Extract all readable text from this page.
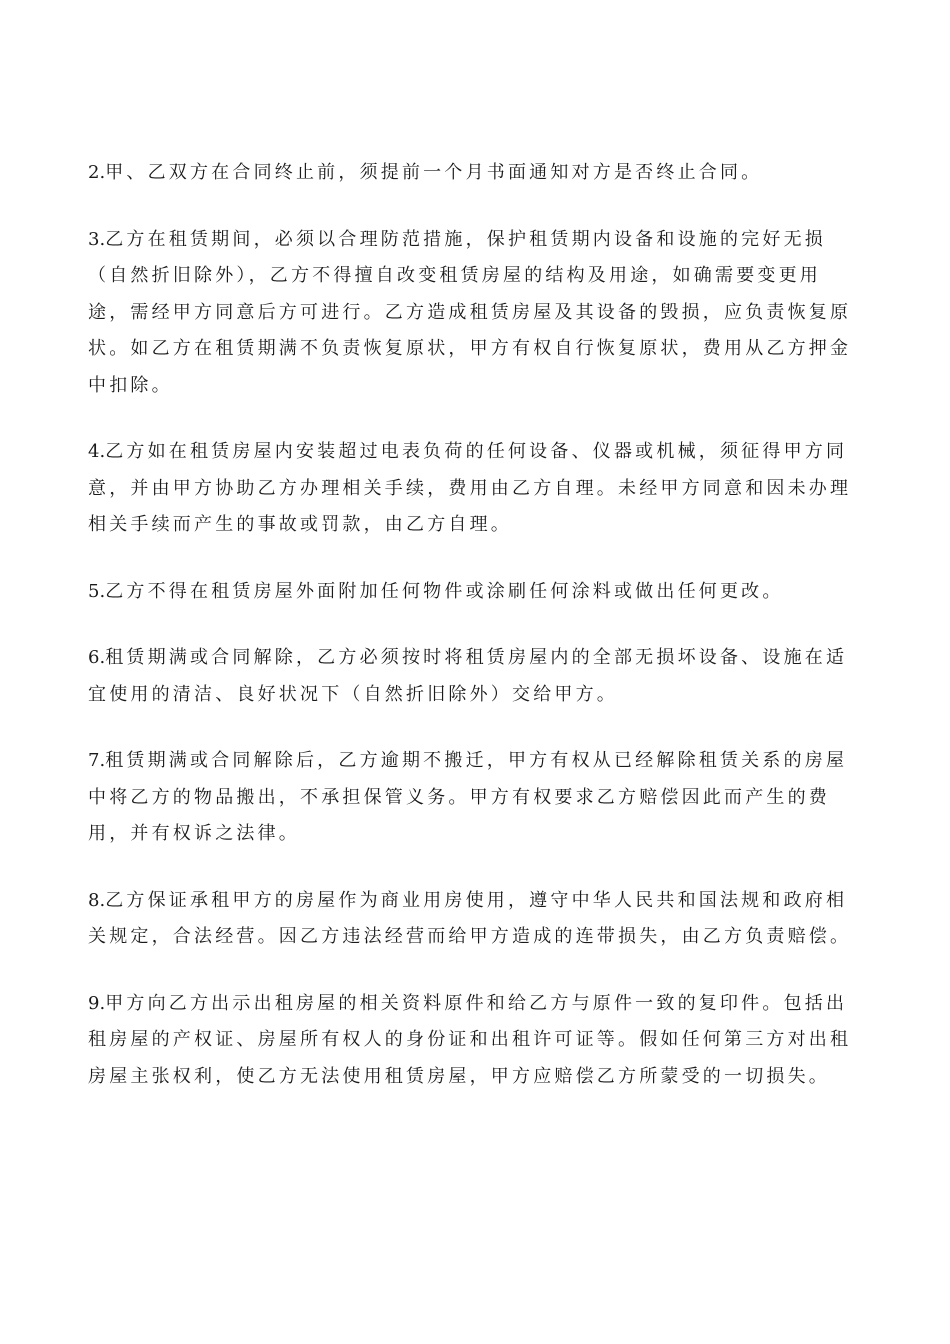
2.甲、乙双方在合同终止前，须提前一个月书面通知对方是否终止合同。

3.乙方在租赁期间，必须以合理防范措施，保护租赁期内设备和设施的完好无损（自然折旧除外），乙方不得擅自改变租赁房屋的结构及用途，如确需要变更用途，需经甲方同意后方可进行。乙方造成租赁房屋及其设备的毁损，应负责恢复原状。如乙方在租赁期满不负责恢复原状，甲方有权自行恢复原状，费用从乙方押金中扣除。

4.乙方如在租赁房屋内安装超过电表负荷的任何设备、仪器或机械，须征得甲方同意，并由甲方协助乙方办理相关手续，费用由乙方自理。未经甲方同意和因未办理相关手续而产生的事故或罚款，由乙方自理。

5.乙方不得在租赁房屋外面附加任何物件或涂刷任何涂料或做出任何更改。

6.租赁期满或合同解除，乙方必须按时将租赁房屋内的全部无损坏设备、设施在适宜使用的清洁、良好状况下（自然折旧除外）交给甲方。

7.租赁期满或合同解除后，乙方逾期不搬迁，甲方有权从已经解除租赁关系的房屋中将乙方的物品搬出，不承担保管义务。甲方有权要求乙方赔偿因此而产生的费用，并有权诉之法律。

8.乙方保证承租甲方的房屋作为商业用房使用，遵守中华人民共和国法规和政府相关规定，合法经营。因乙方违法经营而给甲方造成的连带损失，由乙方负责赔偿。

9.甲方向乙方出示出租房屋的相关资料原件和给乙方与原件一致的复印件。包括出租房屋的产权证、房屋所有权人的身份证和出租许可证等。假如任何第三方对出租房屋主张权利，使乙方无法使用租赁房屋，甲方应赔偿乙方所蒙受的一切损失。
